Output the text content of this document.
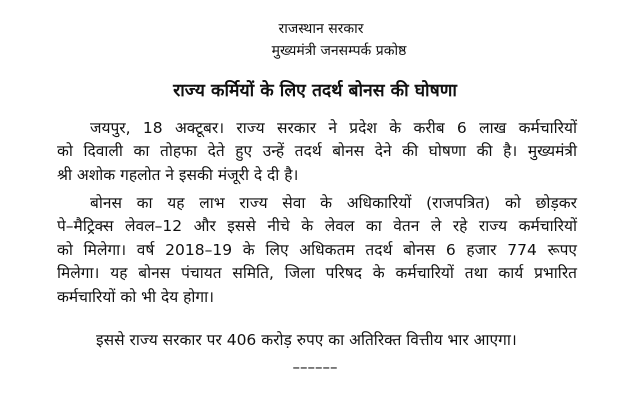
राजस्थान सरकार
मुख्यमंत्री जनसम्पर्क प्रकोष्ठ
राज्य कर्मियों के लिए तदर्थ बोनस की घोषणा
जयपुर, 18 अक्टूबर। राज्य सरकार ने प्रदेश के करीब 6 लाख कर्मचारियों
को दिवाली का तोहफा देते हुए उन्हें तदर्थ बोनस देने की घोषणा की है। मुख्यमंत्री
श्री अशोक गहलोत ने इसकी मंजूरी दे दी है।
बोनस का यह लाभ राज्य सेवा के अधिकारियों (राजपत्रित) को छोड़कर
पे–मैट्रिक्स लेवल–12 और इससे नीचे के लेवल का वेतन ले रहे राज्य कर्मचारियों
को मिलेगा। वर्ष 2018–19 के लिए अधिकतम तदर्थ बोनस 6 हजार 774 रूपए
मिलेगा। यह बोनस पंचायत समिति, जिला परिषद के कर्मचारियों तथा कार्य प्रभारित
कर्मचारियों को भी देय होगा।
इससे राज्य सरकार पर 406 करोड़ रुपए का अतिरिक्त वित्तीय भार आएगा।
––––––
